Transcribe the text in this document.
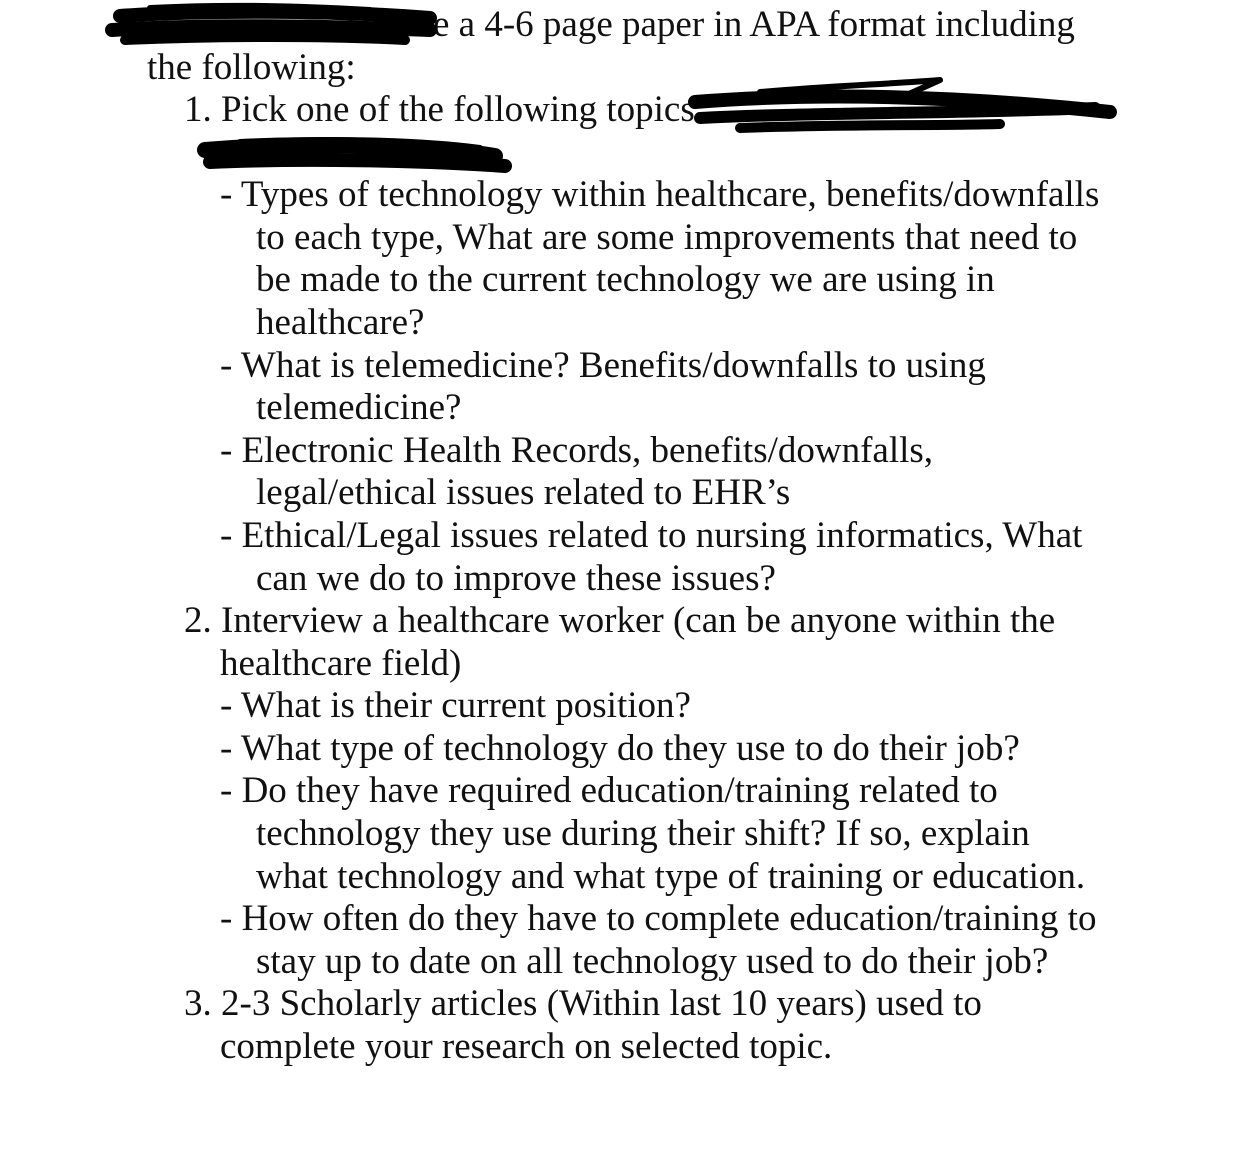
e a 4-6 page paper in APA format including

the following:

1. Pick one of the following topics

- Types of technology within healthcare, benefits/downfalls

to each type, What are some improvements that need to

be made to the current technology we are using in

healthcare?

- What is telemedicine? Benefits/downfalls to using

telemedicine?

- Electronic Health Records, benefits/downfalls,

legal/ethical issues related to EHR’s

- Ethical/Legal issues related to nursing informatics, What

can we do to improve these issues?

2. Interview a healthcare worker (can be anyone within the

healthcare field)

- What is their current position?

- What type of technology do they use to do their job?

- Do they have required education/training related to

technology they use during their shift? If so, explain

what technology and what type of training or education.

- How often do they have to complete education/training to

stay up to date on all technology used to do their job?

3. 2-3 Scholarly articles (Within last 10 years) used to

complete your research on selected topic.
